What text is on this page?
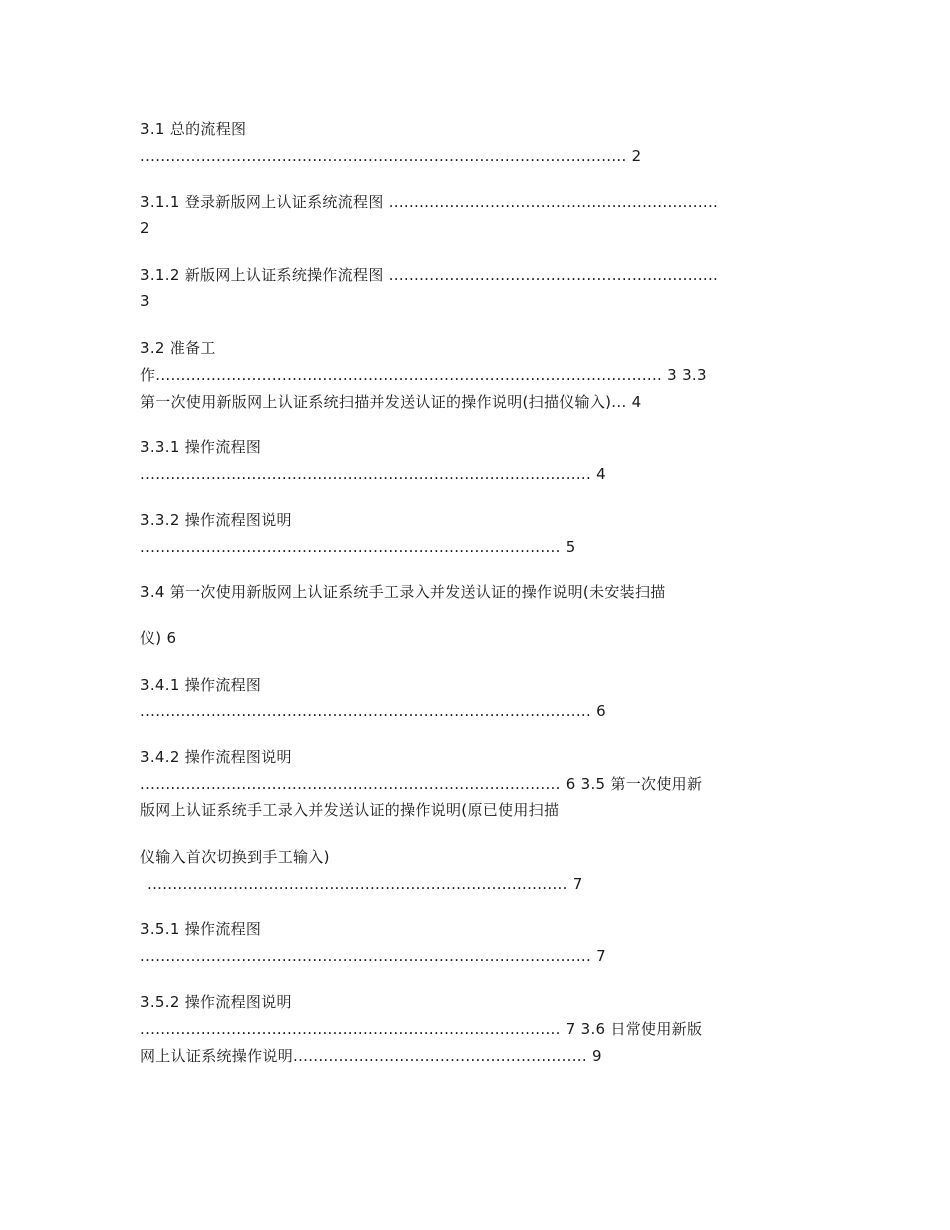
3.1 总的流程图
................................................................................................ 2
3.1.1 登录新版网上认证系统流程图 .................................................................
2
3.1.2 新版网上认证系统操作流程图 .................................................................
3
3.2 准备工
作.................................................................................................... 3 3.3
第一次使用新版网上认证系统扫描并发送认证的操作说明(扫描仪输入)... 4
3.3.1 操作流程图
......................................................................................... 4
3.3.2 操作流程图说明
................................................................................... 5
3.4 第一次使用新版网上认证系统手工录入并发送认证的操作说明(未安装扫描
仪) 6
3.4.1 操作流程图
......................................................................................... 6
3.4.2 操作流程图说明
................................................................................... 6 3.5 第一次使用新
版网上认证系统手工录入并发送认证的操作说明(原已使用扫描
仪输入首次切换到手工输入)
................................................................................... 7
3.5.1 操作流程图
......................................................................................... 7
3.5.2 操作流程图说明
................................................................................... 7 3.6 日常使用新版
网上认证系统操作说明.......................................................... 9
